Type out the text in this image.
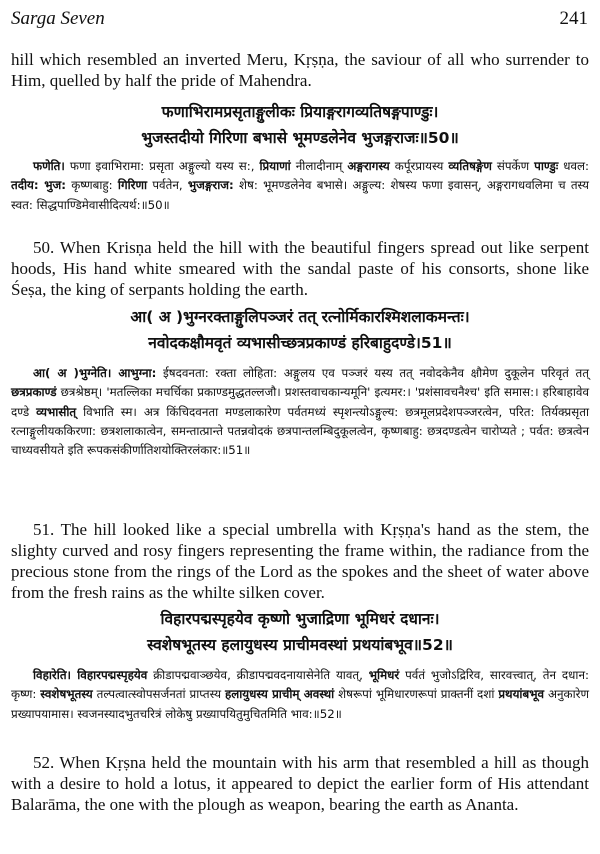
Sarga Seven	241

hill which resembled an inverted Meru, Kṛṣṇa, the saviour of all who surrender to Him, quelled by half the pride of Mahendra.

फणाभिरामप्रसृताङ्गुलीकः प्रियाङ्गरागव्यतिषङ्गपाण्डुः।

भुजस्तदीयो गिरिणा बभासे भूमण्डलेनेव भुजङ्गराजः॥50॥

फणेति। फणा इवाभिरामा: प्रसृता अङ्गुल्यो यस्य स:, प्रियाणां नीलादीनाम् अङ्गरागस्य कर्पूरप्रायस्य व्यतिषङ्गेण संपर्केण पाण्डुः धवल: तदीय: भुज: कृष्णबाहु: गिरिणा पर्वतेन, भुजङ्गराज: शेष: भूमण्डलेनेव बभासे। अङ्गुल्य: शेषस्य फणा इवासन्, अङ्गरागधवलिमा च तस्य स्वत: सिद्धपाण्डिमेवासीदित्यर्थ:॥50॥

50. When Krisṇa held the hill with the beautiful fingers spread out like serpent hoods, His hand white smeared with the sandal paste of his consorts, shone like Śeṣa, the king of serpants holding the earth.

आ( अ )भुग्नरक्ताङ्गुलिपञ्जरं तत् रत्नोर्मिकारश्मिशलाकमन्तः।

नवोदकक्षौमवृतं व्यभासीच्छत्रप्रकाण्डं हरिबाहुदण्डे।51॥

आ( अ )भुग्नेति। आभुग्ना: ईषदवनता: रक्ता लोहिता: अङ्गुलय एव पञ्जरं यस्य तत् नवोदकेनैव क्षौमेण दुकूलेन परिवृतं तत् छत्रप्रकाण्डं छत्रश्रेष्ठम्। 'मतल्लिका मचर्चिका प्रकाण्डमुद्धतल्लजौ। प्रशस्तवाचकान्यमूनि' इत्यमर:। 'प्रशंसावचनैश्च' इति समास:। हरिबाहावेव दण्डे व्यभासीत् विभाति स्म। अत्र किंचिदवनता मण्डलाकारेण पर्वतमध्यं स्पृशन्त्योऽङ्गुल्य: छत्रमूलप्रदेशपञ्जरत्वेन, परित: तिर्यक्प्रसृता रत्नाङ्गुलीयककिरणा: छत्रशलाकात्वेन, समन्तात्प्रान्ते पतन्नवोदकं छत्रपान्तलम्बिदुकूलत्वेन, कृष्णबाहु: छत्रदण्डत्वेन चारोप्यते ; पर्वत: छत्रत्वेन चाध्यवसीयते इति रूपकसंकीर्णातिशयोक्तिरलंकार:॥51॥

51. The hill looked like a special umbrella with Kṛṣṇa's hand as the stem, the slighty curved and rosy fingers representing the frame within, the radiance from the precious stone from the rings of the Lord as the spokes and the sheet of water above from the fresh rains as the whilte silken cover.

विहारपद्मस्पृहयेव कृष्णो भुजाद्रिणा भूमिधरं दधानः।

स्वशेषभूतस्य हलायुधस्य प्राचीमवस्थां प्रथयांबभूव॥52॥

विहारेति। विहारपद्मस्पृहयेव क्रीडापद्मवाञ्छयेव, क्रीडापद्मवदनायासेनेति यावत्, भूमिधरं पर्वतं भुजोऽद्रिरिव, सारवत्त्वात्, तेन दधान: कृष्ण: स्वशेषभूतस्य तल्पत्वात्स्वोपसर्जनतां प्राप्तस्य हलायुधस्य प्राचीम् अवस्थां शेषरूपां भूमिधारणरूपां प्राक्तनीं दशां प्रथयांबभूव अनुकारेण प्रख्यापयामास। स्वजनस्यादभुतचरित्रं लोकेषु प्रख्यापयितुमुचितमिति भाव:॥52॥

52. When Kṛṣna held the mountain with his arm that resembled a hill as though with a desire to hold a lotus, it appeared to depict the earlier form of His attendant Balarāma, the one with the plough as weapon, bearing the earth as Ananta.
